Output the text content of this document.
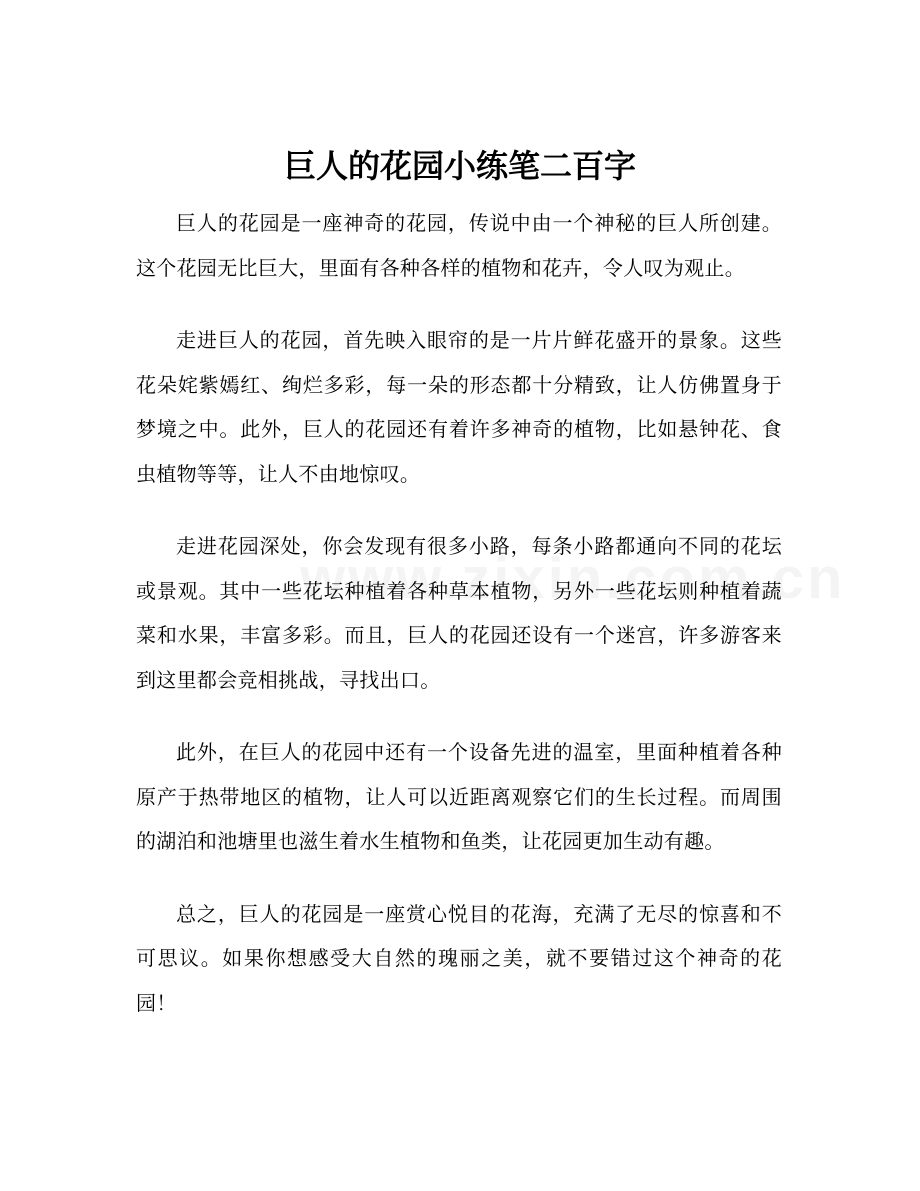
巨人的花园小练笔二百字

巨人的花园是一座神奇的花园，传说中由一个神秘的巨人所创建。这个花园无比巨大，里面有各种各样的植物和花卉，令人叹为观止。

走进巨人的花园，首先映入眼帘的是一片片鲜花盛开的景象。这些花朵姹紫嫣红、绚烂多彩，每一朵的形态都十分精致，让人仿佛置身于梦境之中。此外，巨人的花园还有着许多神奇的植物，比如悬钟花、食虫植物等等，让人不由地惊叹。

走进花园深处，你会发现有很多小路，每条小路都通向不同的花坛或景观。其中一些花坛种植着各种草本植物，另外一些花坛则种植着蔬菜和水果，丰富多彩。而且，巨人的花园还设有一个迷宫，许多游客来到这里都会竞相挑战，寻找出口。

此外，在巨人的花园中还有一个设备先进的温室，里面种植着各种原产于热带地区的植物，让人可以近距离观察它们的生长过程。而周围的湖泊和池塘里也滋生着水生植物和鱼类，让花园更加生动有趣。

总之，巨人的花园是一座赏心悦目的花海，充满了无尽的惊喜和不可思议。如果你想感受大自然的瑰丽之美，就不要错过这个神奇的花园！
